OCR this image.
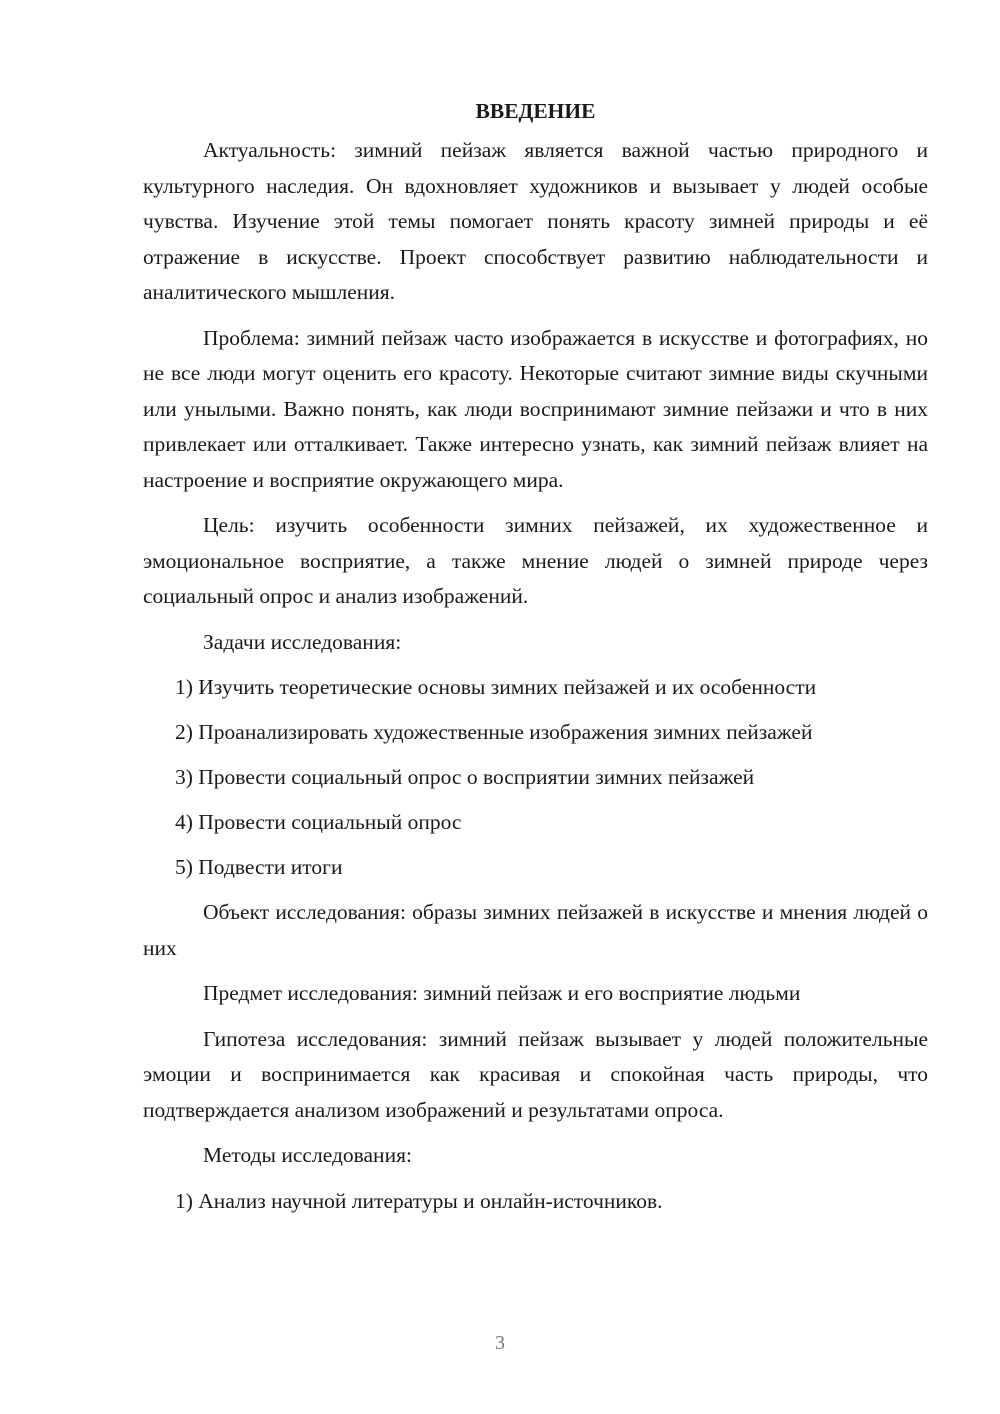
ВВЕДЕНИЕ
Актуальность: зимний пейзаж является важной частью природного и культурного наследия. Он вдохновляет художников и вызывает у людей особые чувства. Изучение этой темы помогает понять красоту зимней природы и её отражение в искусстве. Проект способствует развитию наблюдательности и аналитического мышления.
Проблема: зимний пейзаж часто изображается в искусстве и фотографиях, но не все люди могут оценить его красоту. Некоторые считают зимние виды скучными или унылыми. Важно понять, как люди воспринимают зимние пейзажи и что в них привлекает или отталкивает. Также интересно узнать, как зимний пейзаж влияет на настроение и восприятие окружающего мира.
Цель: изучить особенности зимних пейзажей, их художественное и эмоциональное восприятие, а также мнение людей о зимней природе через социальный опрос и анализ изображений.
Задачи исследования:
1) Изучить теоретические основы зимних пейзажей и их особенности
2) Проанализировать художественные изображения зимних пейзажей
3) Провести социальный опрос о восприятии зимних пейзажей
4) Провести социальный опрос
5) Подвести итоги
Объект исследования: образы зимних пейзажей в искусстве и мнения людей о них
Предмет исследования: зимний пейзаж и его восприятие людьми
Гипотеза исследования: зимний пейзаж вызывает у людей положительные эмоции и воспринимается как красивая и спокойная часть природы, что подтверждается анализом изображений и результатами опроса.
Методы исследования:
1) Анализ научной литературы и онлайн-источников.
3
